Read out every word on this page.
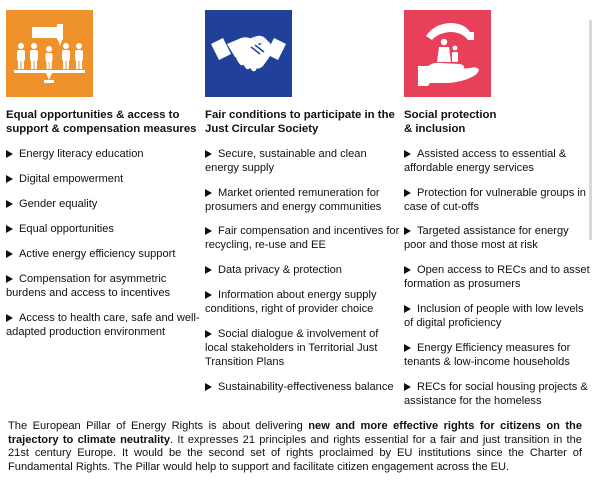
Equal opportunities & access to
support & compensation measures
Energy literacy education
Digital empowerment
Gender equality
Equal opportunities
Active energy efficiency support
Compensation for asymmetric burdens and access to incentives
Access to health care, safe and well-adapted production environment
Fair conditions to participate in the
Just Circular Society
Secure, sustainable and clean energy supply
Market oriented remuneration for prosumers and energy communities
Fair compensation and incentives for recycling, re-use and EE
Data privacy & protection
Information about energy supply conditions, right of provider choice
Social dialogue & involvement of local stakeholders in Territorial Just Transition Plans
Sustainability-effectiveness balance
Social protection
& inclusion
Assisted access to essential & affordable energy services
Protection for vulnerable groups in case of cut-offs
Targeted assistance for energy poor and those most at risk
Open access to RECs and to asset formation as prosumers
Inclusion of people with low levels of digital proficiency
Energy Efficiency measures for tenants & low-income households
RECs for social housing projects & assistance for the homeless
The European Pillar of Energy Rights is about delivering new and more effective rights for citizens on the trajectory to climate neutrality. It expresses 21 principles and rights essential for a fair and just transition in the 21st century Europe. It would be the second set of rights proclaimed by EU institutions since the Charter of Fundamental Rights. The Pillar would help to support and facilitate citizen engagement across the EU.
